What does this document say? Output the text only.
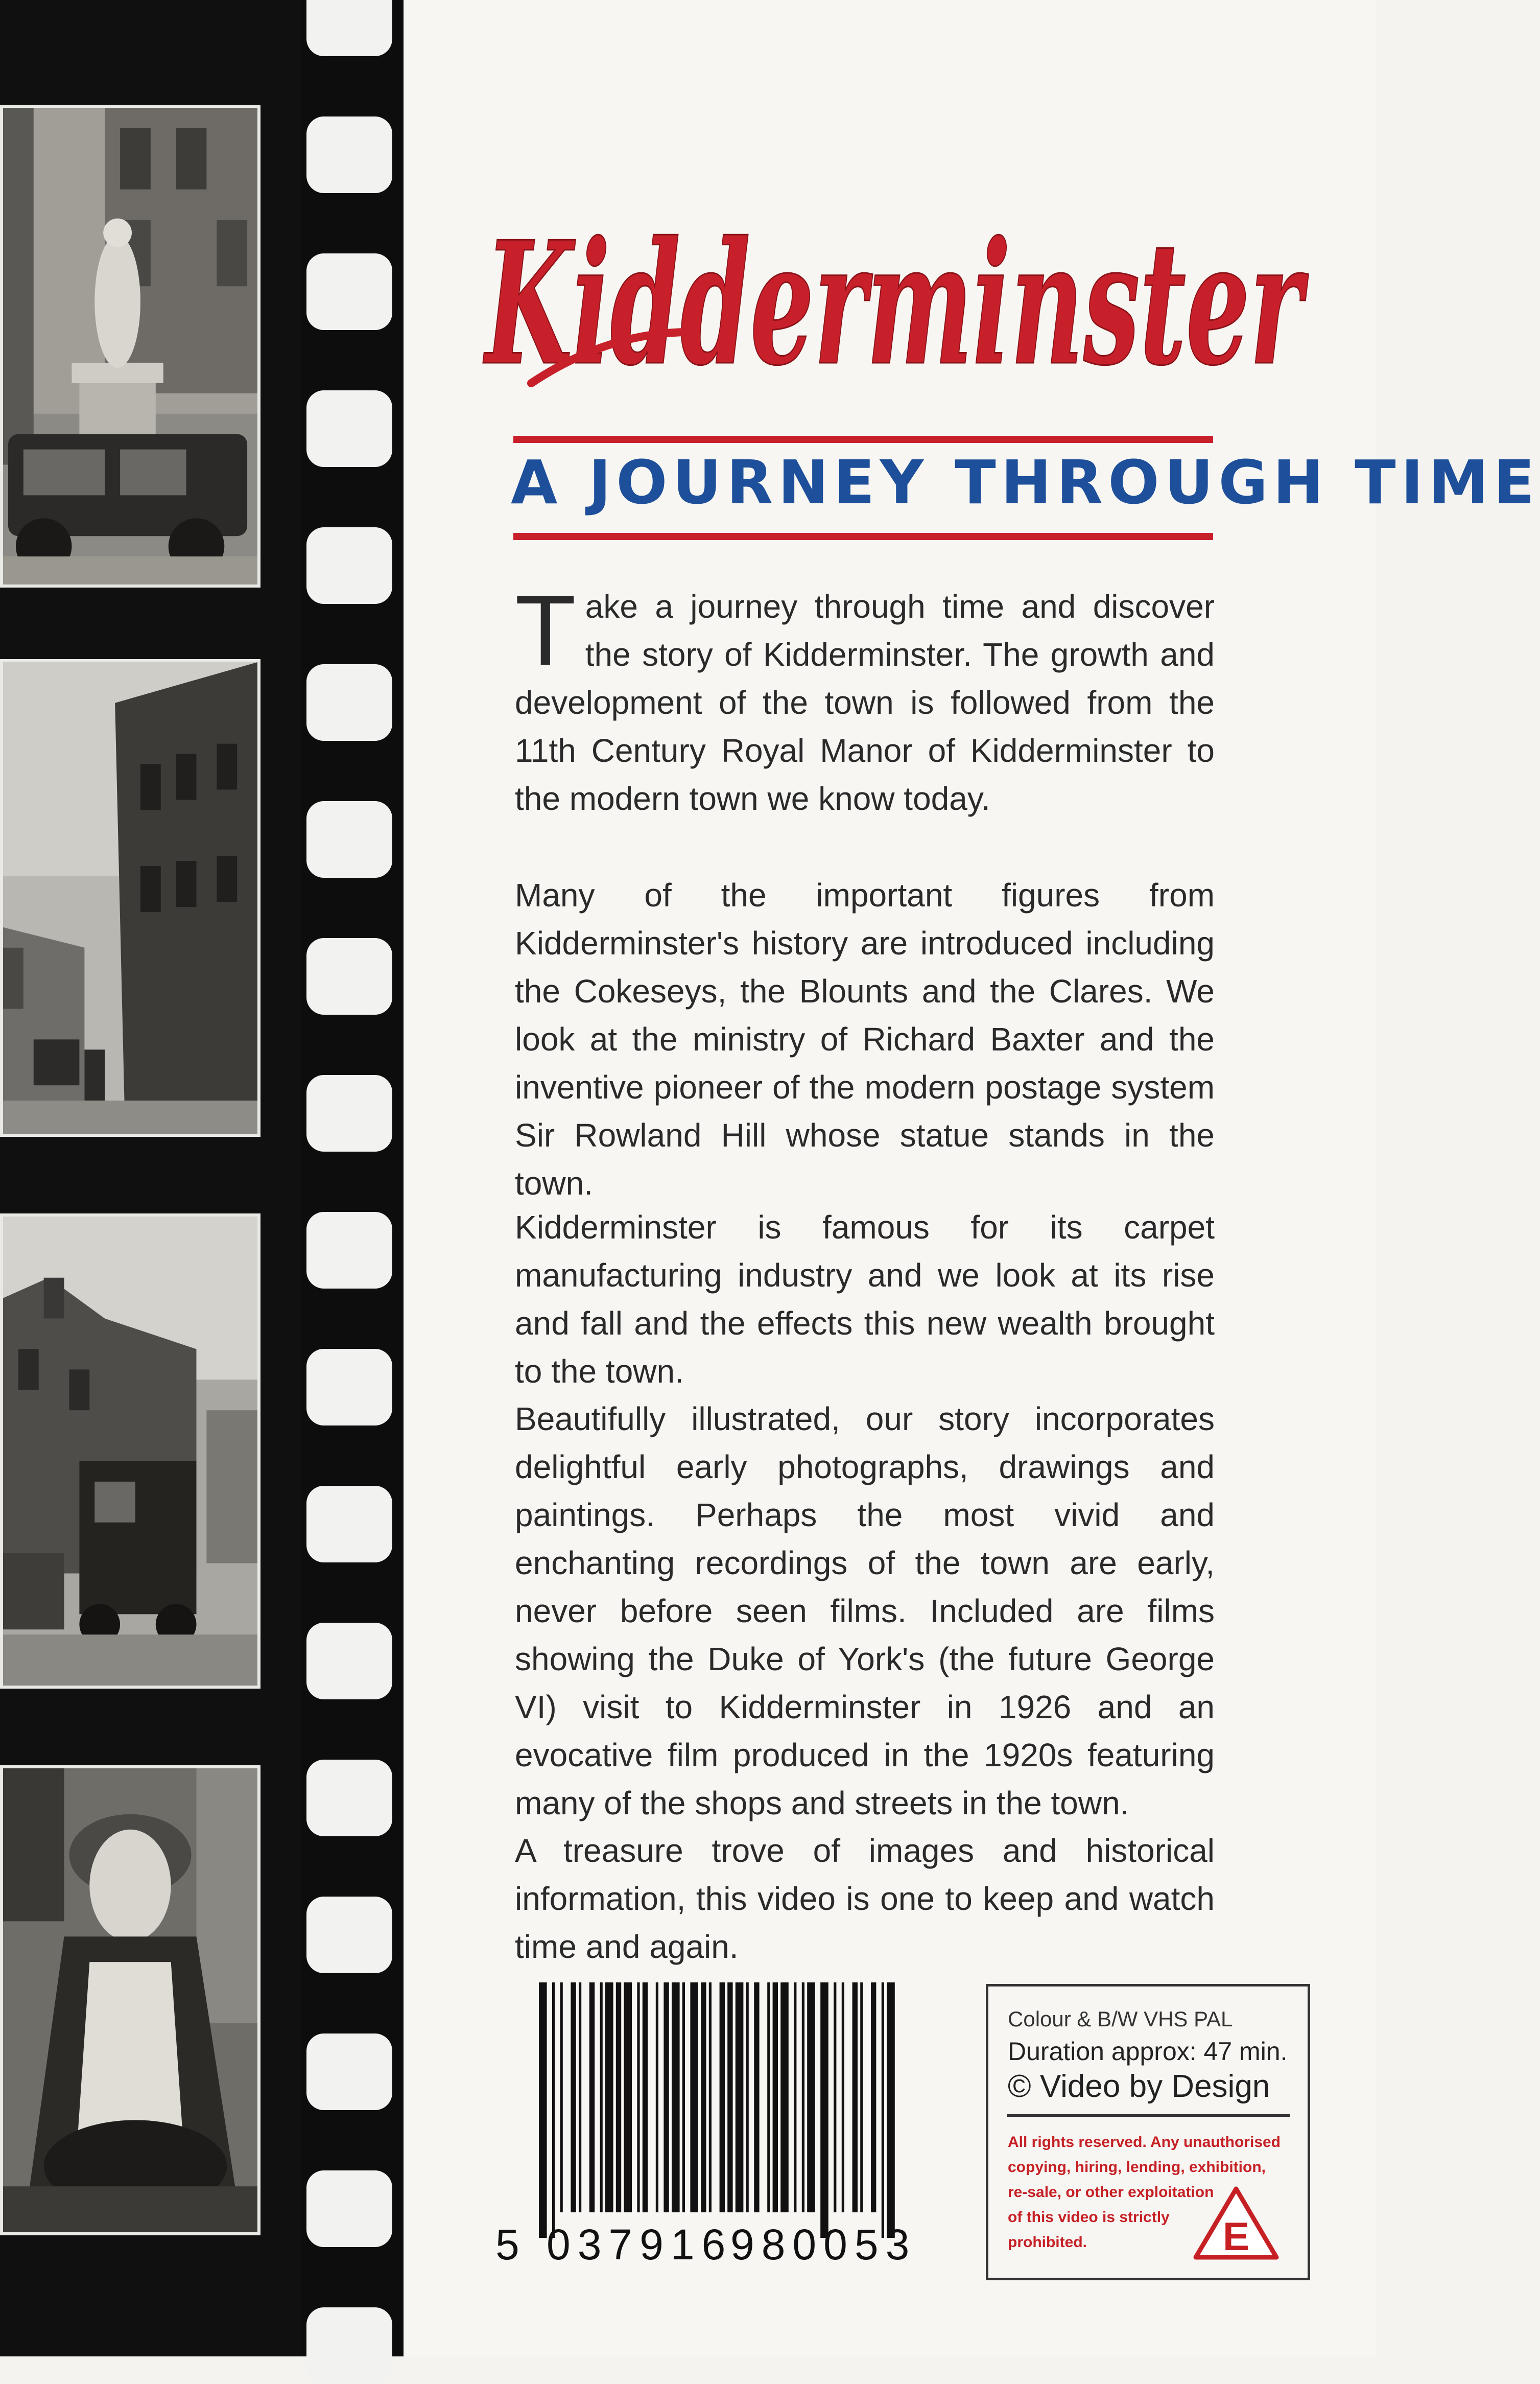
Kidderminster
A JOURNEY THROUGH TIME

Take a journey through time and discover the story of Kidderminster. The growth and development of the town is followed from the 11th Century Royal Manor of Kidderminster to the modern town we know today.

Many of the important figures from Kidderminster's history are introduced including the Cokeseys, the Blounts and the Clares. We look at the ministry of Richard Baxter and the inventive pioneer of the modern postage system Sir Rowland Hill whose statue stands in the town.

Kidderminster is famous for its carpet manufacturing industry and we look at its rise and fall and the effects this new wealth brought to the town.

Beautifully illustrated, our story incorporates delightful early photographs, drawings and paintings. Perhaps the most vivid and enchanting recordings of the town are early, never before seen films. Included are films showing the Duke of York's (the future George VI) visit to Kidderminster in 1926 and an evocative film produced in the 1920s featuring many of the shops and streets in the town.

A treasure trove of images and historical information, this video is one to keep and watch time and again.

5 037916
980053
Colour & B/W VHS PAL
Duration approx: 47 min.
© Video by Design

All rights reserved. Any unauthorised
copying, hiring, lending, exhibition,
re-sale, or other exploitation
of this video is strictly
prohibited.	E
